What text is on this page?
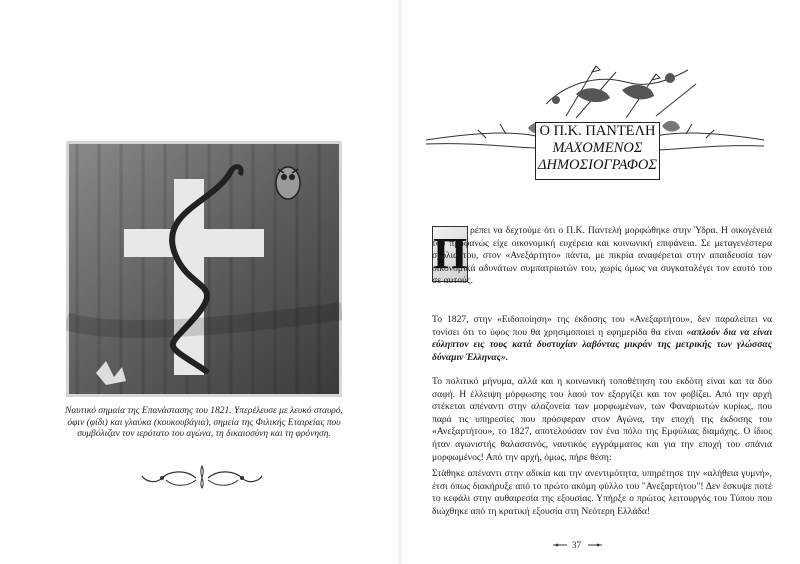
Ναυτικό σημαία της Επανάστασης του 1821. Υπερέλευσε με λευκό σταυρό, όφιν (φίδι) και γλαύκα (κουκουβάγια), σημεία της Φιλικής Εταιρείας που συμβόλιζαν τον ιερότατο του αγώνα, τη δικαιοσύνη και τη φρόνηση.
Ο Π.Κ. ΠΑΝΤΕΛΗ
ΜΑΧΟΜΕΝΟΣ
ΔΗΜΟΣΙΟΓΡΑΦΟΣ
Π ρέπει να δεχτούμε ότι ο Π.Κ. Παντελή μορφώθηκε στην Ύδρα. Η οικογένειά του προφανώς είχε οικονομική ευχέρεια και κοινωνική επιφάνεια. Σε μεταγενέστερα σχόλια του, στον «Ανεξάρτητο» πάντα, με πικρία αναφέρεται στην απαιδευσία των οικονομικά αδυνάτων συμπατριωτών του, χωρίς όμως να συγκαταλέγει τον εαυτό του σε αυτούς.
Το 1827, στην «Ειδοποίηση» της έκδοσης του «Ανεξαρτήτου», δεν παραλείπει να τονίσει ότι το ύφος που θα χρησιμοποιεί η εφημερίδα θα είναι «απλούν δια να είναι εύληπτον εις τους κατά δυστυχίαν λαβόντας μικράν της μετρικής των γλώσσας δύναμιν Έλληνας».
Το πολιτικό μήνυμα, αλλά και η κοινωνική τοποθέτηση του εκδότη είναι και τα δύο σαφή. Η έλλειψη μόρφωσης του λαού τον εξοργίζει και τον φοβίζει. Από την αρχή στέκεται απέναντι στην αλαζονεία των μορφωμένων, των Φαναριωτών κυρίως, που παρά τις υπηρεσίες που πρόσφεραν στον Αγώνα, την εποχή της έκδοσης του «Ανεξαρτήτου», το 1827, αποτελούσαν τον ένα πόλο της Εμφύλιας διαμάχης. Ο ίδιος ήταν αγωνιστής θαλασσινός, ναυτικός εγγράμματος και για την εποχή του σπάνια μορφωμένος! Από την αρχή, όμως, πήρε θέση:
Στάθηκε απέναντι στην αδικία και την ανεντιμότητα, υπηρέτησε την «αλήθεια γυμνή», έτσι όπως διακήρυξε από το πρώτο ακόμη φύλλο του "Ανεξαρτήτου"! Δεν έσκυψε ποτέ το κεφάλι στην αυθαιρεσία της εξουσίας. Υπήρξε ο πρώτος λειτουργός του Τύπου που διώχθηκε από τη κρατική εξουσία στη Νεότερη Ελλάδα!
37
